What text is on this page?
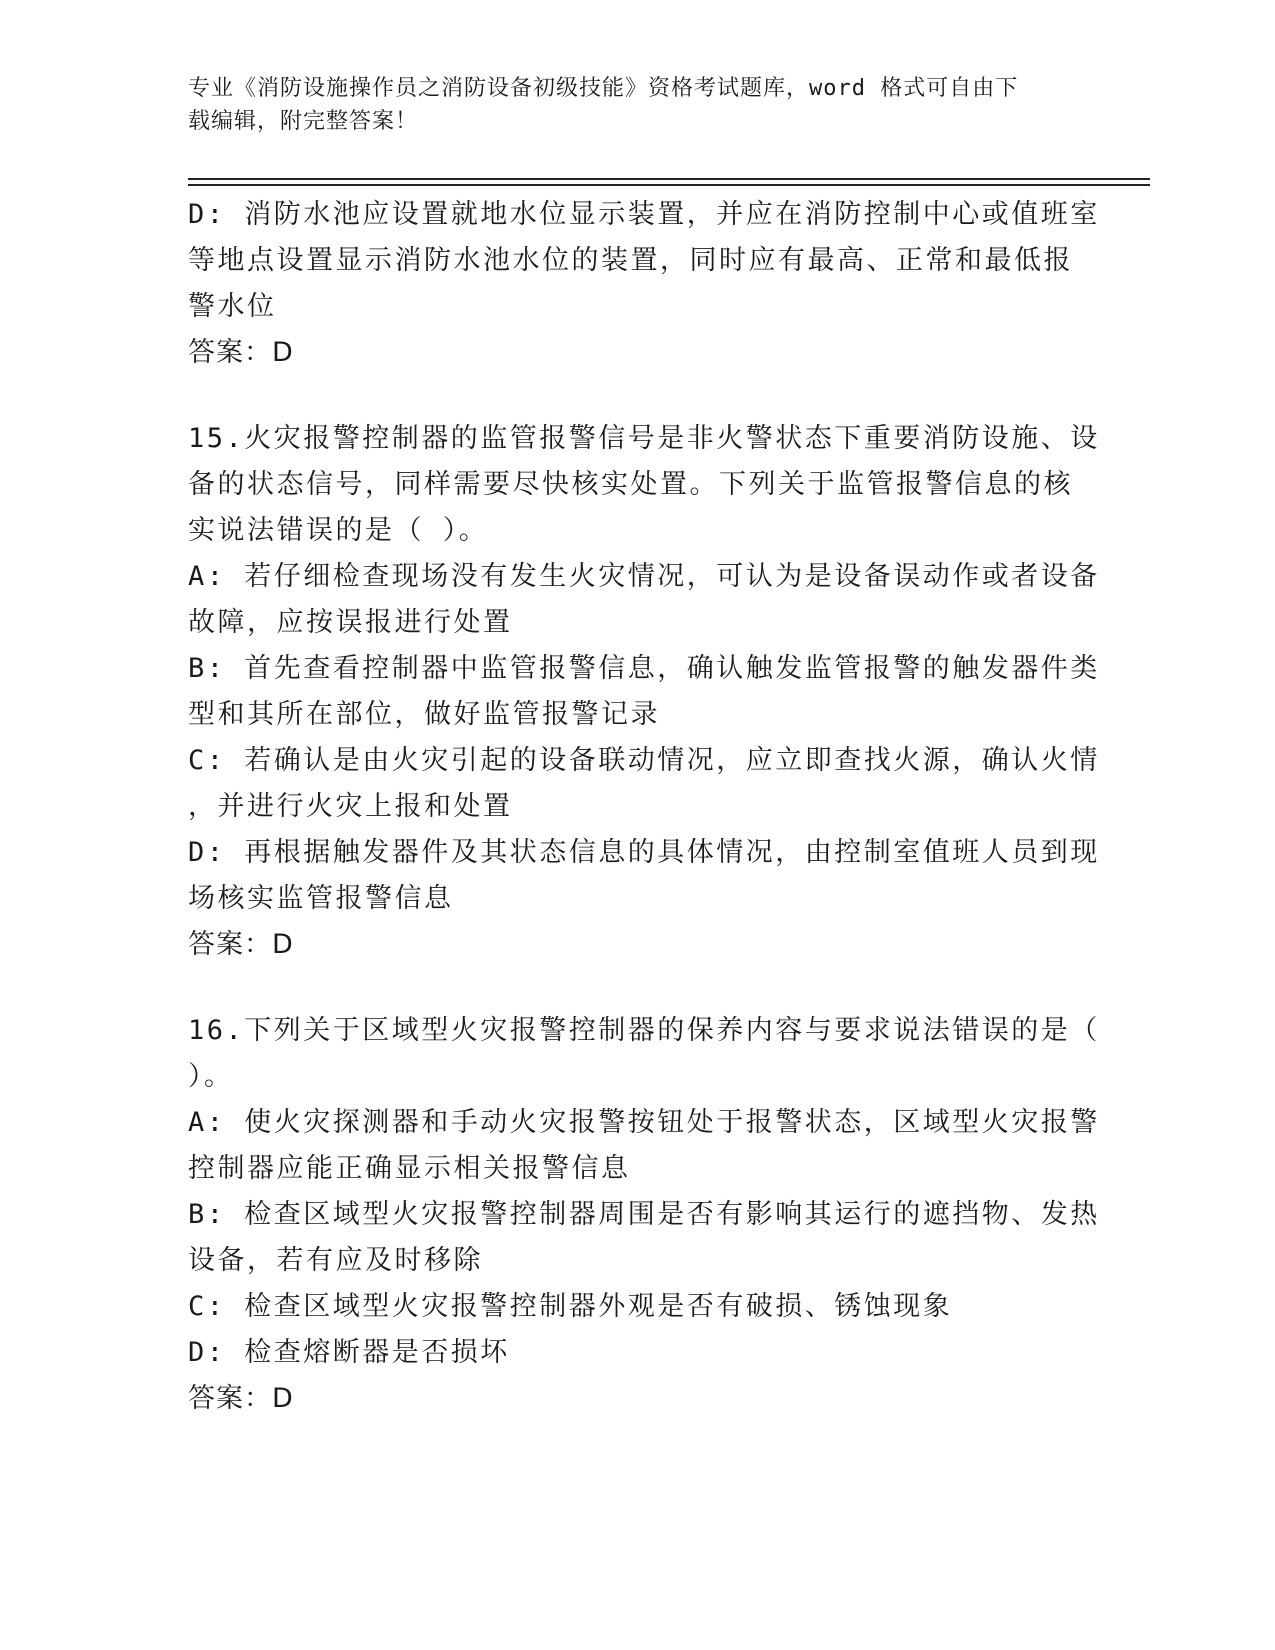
专业《消防设施操作员之消防设备初级技能》资格考试题库，word 格式可自由下
载编辑，附完整答案！
D: 消防水池应设置就地水位显示装置，并应在消防控制中心或值班室
等地点设置显示消防水池水位的装置，同时应有最高、正常和最低报
警水位
答案：D
15.火灾报警控制器的监管报警信号是非火警状态下重要消防设施、设
备的状态信号，同样需要尽快核实处置。下列关于监管报警信息的核
实说法错误的是（ ）。
A: 若仔细检查现场没有发生火灾情况，可认为是设备误动作或者设备
故障，应按误报进行处置
B: 首先查看控制器中监管报警信息，确认触发监管报警的触发器件类
型和其所在部位，做好监管报警记录
C: 若确认是由火灾引起的设备联动情况，应立即查找火源，确认火情
，并进行火灾上报和处置
D: 再根据触发器件及其状态信息的具体情况，由控制室值班人员到现
场核实监管报警信息
答案：D
16.下列关于区域型火灾报警控制器的保养内容与要求说法错误的是（
）。
A: 使火灾探测器和手动火灾报警按钮处于报警状态，区域型火灾报警
控制器应能正确显示相关报警信息
B: 检查区域型火灾报警控制器周围是否有影响其运行的遮挡物、发热
设备，若有应及时移除
C: 检查区域型火灾报警控制器外观是否有破损、锈蚀现象
D: 检查熔断器是否损坏
答案：D
